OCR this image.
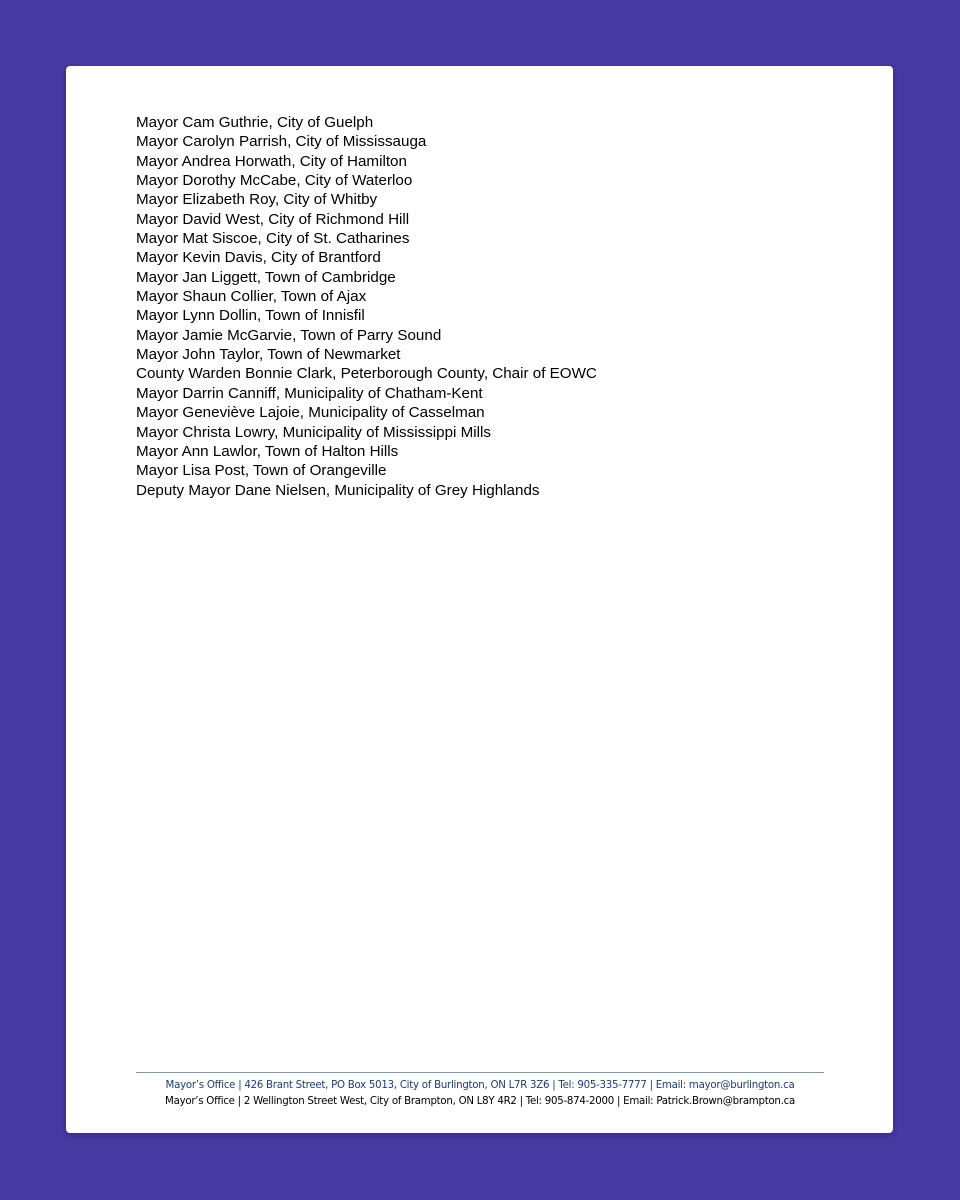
Mayor Cam Guthrie, City of Guelph
Mayor Carolyn Parrish, City of Mississauga
Mayor Andrea Horwath, City of Hamilton
Mayor Dorothy McCabe, City of Waterloo
Mayor Elizabeth Roy, City of Whitby
Mayor David West, City of Richmond Hill
Mayor Mat Siscoe, City of St. Catharines
Mayor Kevin Davis, City of Brantford
Mayor Jan Liggett, Town of Cambridge
Mayor Shaun Collier, Town of Ajax
Mayor Lynn Dollin, Town of Innisfil
Mayor Jamie McGarvie, Town of Parry Sound
Mayor John Taylor, Town of Newmarket
County Warden Bonnie Clark, Peterborough County, Chair of EOWC
Mayor Darrin Canniff, Municipality of Chatham-Kent
Mayor Geneviève Lajoie, Municipality of Casselman
Mayor Christa Lowry, Municipality of Mississippi Mills
Mayor Ann Lawlor, Town of Halton Hills
Mayor Lisa Post, Town of Orangeville
Deputy Mayor Dane Nielsen, Municipality of Grey Highlands
Mayor’s Office | 426 Brant Street, PO Box 5013, City of Burlington, ON L7R 3Z6 | Tel: 905-335-7777 | Email: mayor@burlington.ca
Mayor’s Office | 2 Wellington Street West, City of Brampton, ON L8Y 4R2 | Tel: 905-874-2000 | Email: Patrick.Brown@brampton.ca
